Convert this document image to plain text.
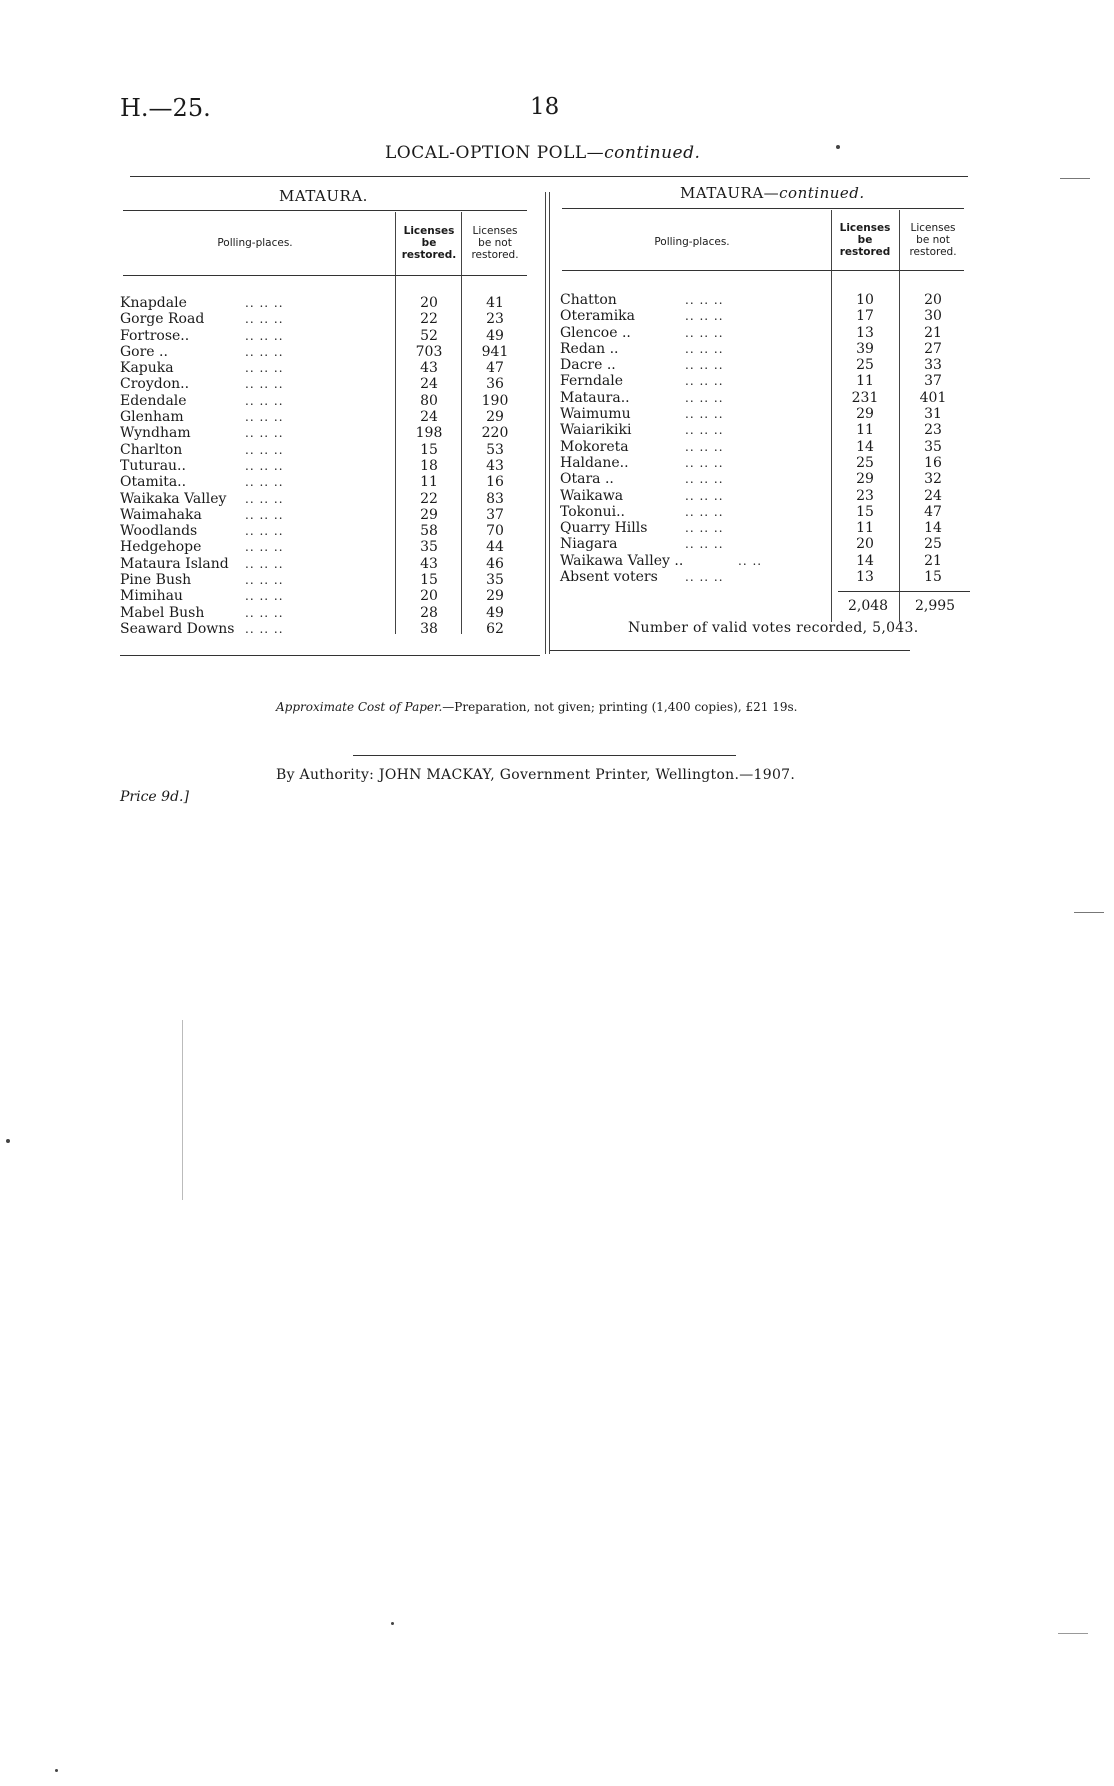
H.—25.	18
LOCAL-OPTION POLL—continued.
MATAURA.
Polling-places.
Licenses
be
restored.
Licenses
be not
restored.
Knapdale	.. .. ..	20	41
Gorge Road	.. .. ..	22	23
Fortrose..	.. .. ..	52	49
Gore ..	.. .. ..	703	941
Kapuka	.. .. ..	43	47
Croydon..	.. .. ..	24	36
Edendale	.. .. ..	80	190
Glenham	.. .. ..	24	29
Wyndham	.. .. ..	198	220
Charlton	.. .. ..	15	53
Tuturau..	.. .. ..	18	43
Otamita..	.. .. ..	11	16
Waikaka Valley .. .. ..	22	83
Waimahaka	.. .. ..	29	37
Woodlands	.. .. ..	58	70
Hedgehope	.. .. ..	35	44
Mataura Island .. .. ..	43	46
Pine Bush	.. .. ..	15	35
Mimihau	.. .. ..	20	29
Mabel Bush	.. .. ..	28	49
Seaward Downs .. .. ..	38	62
MATAURA—continued.
Polling-places.
Licenses
be
restored
Licenses
be not
restored.
Chatton	.. .. ..	10	20
Oteramika	.. .. ..	17	30
Glencoe ..	.. .. ..	13	21
Redan ..	.. .. ..	39	27
Dacre ..	.. .. ..	25	33
Ferndale	.. .. ..	11	37
Mataura..	.. .. ..	231	401
Waimumu	.. .. ..	29	31
Waiarikiki	.. .. ..	11	23
Mokoreta	.. .. ..	14	35
Haldane..	.. .. ..	25	16
Otara ..	.. .. ..	29	32
Waikawa	.. .. ..	23	24
Tokonui..	.. .. ..	15	47
Quarry Hills	.. .. ..	11	14
Niagara	.. .. ..	20	25
Waikawa Valley ..	.. ..	14	21
Absent voters .. .. ..	13	15
2,048 2,995
Number of valid votes recorded, 5,043.
Approximate Cost of Paper.—Preparation, not given; printing (1,400 copies), £21 19s.
By Authority: JOHN MACKAY, Government Printer, Wellington.—1907.
Price 9d.]
